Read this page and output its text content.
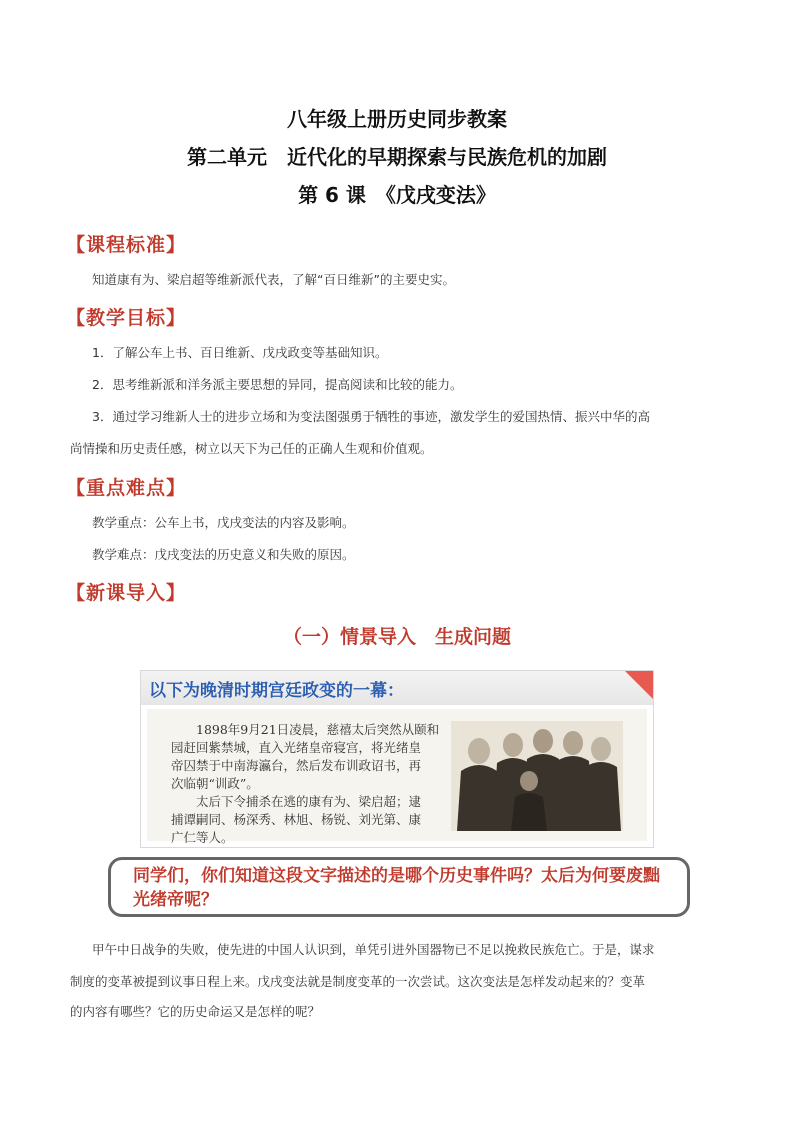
八年级上册历史同步教案
第二单元　近代化的早期探索与民族危机的加剧
第 6 课　《戊戌变法》
【课程标准】
知道康有为、梁启超等维新派代表，了解“百日维新”的主要史实。
【教学目标】
1．了解公车上书、百日维新、戊戌政变等基础知识。
2．思考维新派和洋务派主要思想的异同，提高阅读和比较的能力。
3．通过学习维新人士的进步立场和为变法图强勇于牺牲的事迹，激发学生的爱国热情、振兴中华的高
尚情操和历史责任感，树立以天下为己任的正确人生观和价值观。
【重点难点】
教学重点：公车上书，戊戌变法的内容及影响。
教学难点：戊戌变法的历史意义和失败的原因。
【新课导入】
（一）情景导入　生成问题
以下为晚清时期宫廷政变的一幕：
　　1898年9月21日凌晨，慈禧太后突然从颐和
园赶回紫禁城，直入光绪皇帝寝宫，将光绪皇
帝囚禁于中南海瀛台，然后发布训政诏书，再
次临朝“训政”。
　　太后下令捕杀在逃的康有为、梁启超；逮
捕谭嗣同、杨深秀、林旭、杨锐、刘光第、康
广仁等人。
同学们，你们知道这段文字描述的是哪个历史事件吗？太后为何要废黜光绪帝呢？
甲午中日战争的失败，使先进的中国人认识到，单凭引进外国器物已不足以挽救民族危亡。于是，谋求
制度的变革被提到议事日程上来。戊戌变法就是制度变革的一次尝试。这次变法是怎样发动起来的？变革
的内容有哪些？它的历史命运又是怎样的呢？
